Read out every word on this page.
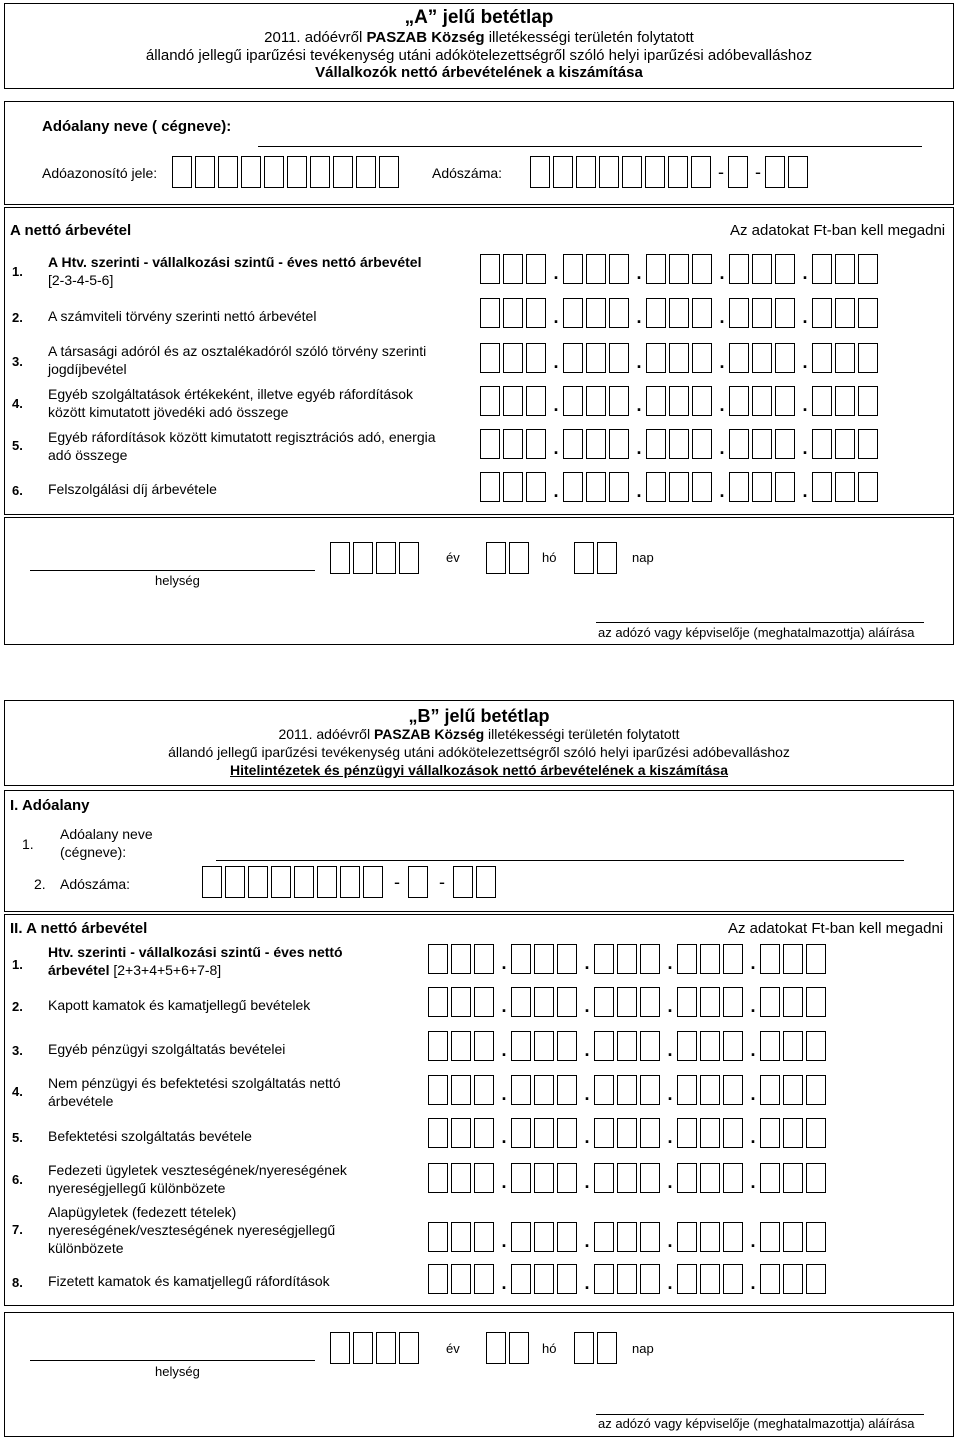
„A” jelű betétlap
2011. adóévről PASZAB Község illetékességi területén folytatott
állandó jellegű iparűzési tevékenység utáni adókötelezettségről szóló helyi iparűzési adóbevalláshoz
Vállalkozók nettó árbevételének a kiszámítása
Adóalany neve ( cégneve):
Adóazonosító jele:	Adószáma:	- -
A nettó árbevétel	Az adatokat Ft-ban kell megadni
1.
A Htv. szerinti - vállalkozási szintű - éves nettó árbevétel
[2-3-4-5-6]	.	.	.	.
2. A számviteli törvény szerinti nettó árbevétel	.	.	.	.
3.
A társasági adóról és az osztalékadóról szóló törvény szerinti
jogdíjbevétel	.	.	.	.
4.
Egyéb szolgáltatások értékeként, illetve egyéb ráfordítások
között kimutatott jövedéki adó összege	.	.	.	.
5.
Egyéb ráfordítások között kimutatott regisztrációs adó, energia
adó összege	.	.	.	.
6. Felszolgálási díj árbevétele	.	.	.	.
helység
év	hó	nap
az adózó vagy képviselője (meghatalmazottja) aláírása
„B” jelű betétlap
2011. adóévről PASZAB Község illetékességi területén folytatott
állandó jellegű iparűzési tevékenység utáni adókötelezettségről szóló helyi iparűzési adóbevalláshoz
Hitelintézetek és pénzügyi vállalkozások nettó árbevételének a kiszámítása
I. Adóalany
1.
Adóalany neve
(cégneve):
2. Adószáma:	-	-
II. A nettó árbevétel	Az adatokat Ft-ban kell megadni
1.
Htv. szerinti - vállalkozási szintű - éves nettó
árbevétel [2+3+4+5+6+7-8]	.	.	.	.
2. Kapott kamatok és kamatjellegű bevételek	.	.	.	.
3. Egyéb pénzügyi szolgáltatás bevételei	.	.	.	.
4.
Nem pénzügyi és befektetési szolgáltatás nettó
árbevétele	.	.	.	.
5. Befektetési szolgáltatás bevétele	.	.	.	.
6.
Fedezeti ügyletek veszteségének/nyereségének
nyereségjellegű különbözete	.	.	.	.
7.
Alapügyletek (fedezett tételek)
nyereségének/veszteségének nyereségjellegű
különbözete	.	.	.	.
8. Fizetett kamatok és kamatjellegű ráfordítások	.	.	.	.
helység
év	hó	nap
az adózó vagy képviselője (meghatalmazottja) aláírása
